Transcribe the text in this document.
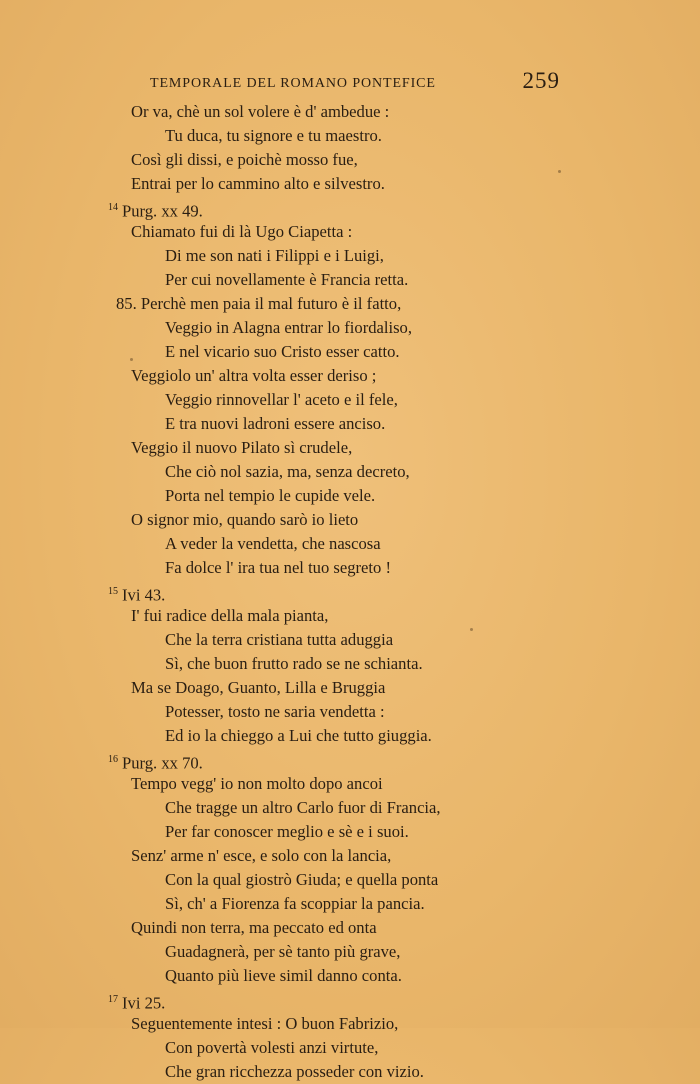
TEMPORALE DEL ROMANO PONTEFICE	259
Or va, chè un sol volere è d' ambedue :
Tu duca, tu signore e tu maestro.
Così gli dissi, e poichè mosso fue,
Entrai per lo cammino alto e silvestro.
$^{14}$ Purg. xx 49.
Chiamato fui di là Ugo Ciapetta :
Di me son nati i Filippi e i Luigi,
Per cui novellamente è Francia retta.
85. Perchè men paia il mal futuro è il fatto,
Veggio in Alagna entrar lo fiordaliso,
E nel vicario suo Cristo esser catto.
Veggiolo un' altra volta esser deriso ;
Veggio rinnovellar l' aceto e il fele,
E tra nuovi ladroni essere anciso.
Veggio il nuovo Pilato sì crudele,
Che ciò nol sazia, ma, senza decreto,
Porta nel tempio le cupide vele.
O signor mio, quando sarò io lieto
A veder la vendetta, che nascosa
Fa dolce l' ira tua nel tuo segreto !
$^{15}$ Ivi 43.
I' fui radice della mala pianta,
Che la terra cristiana tutta aduggia
Sì, che buon frutto rado se ne schianta.
Ma se Doago, Guanto, Lilla e Bruggia
Potesser, tosto ne saria vendetta :
Ed io la chieggo a Lui che tutto giuggia.
$^{16}$ Purg. xx 70.
Tempo vegg' io non molto dopo ancoi
Che tragge un altro Carlo fuor di Francia,
Per far conoscer meglio e sè e i suoi.
Senz' arme n' esce, e solo con la lancia,
Con la qual giostrò Giuda; e quella ponta
Sì, ch' a Fiorenza fa scoppiar la pancia.
Quindi non terra, ma peccato ed onta
Guadagnerà, per sè tanto più grave,
Quanto più lieve simil danno conta.
$^{17}$ Ivi 25.
Seguentemente intesi : O buon Fabrizio,
Con povertà volesti anzi virtute,
Che gran ricchezza posseder con vizio.
